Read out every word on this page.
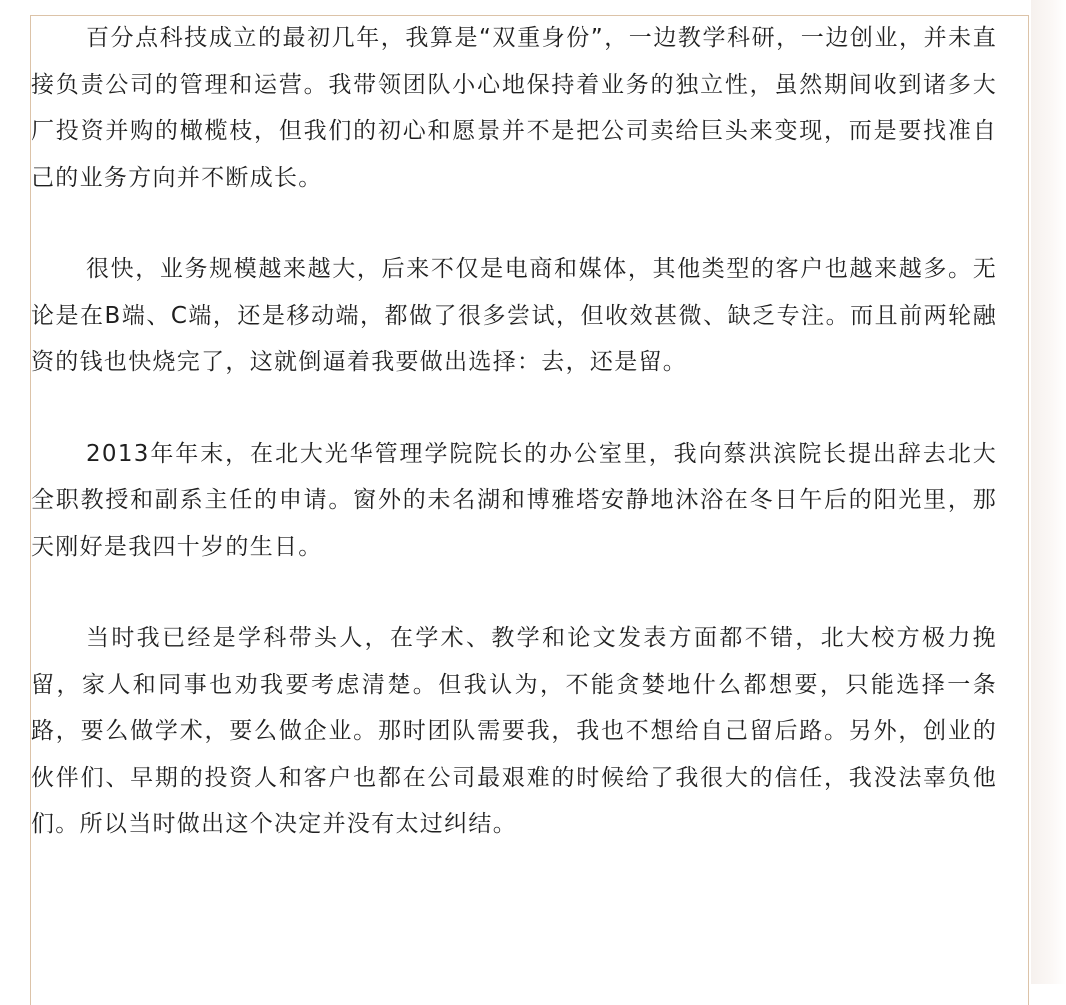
百分点科技成立的最初几年，我算是“双重身份”，一边教学科研，一边创业，并未直接负责公司的管理和运营。我带领团队小心地保持着业务的独立性，虽然期间收到诸多大厂投资并购的橄榄枝，但我们的初心和愿景并不是把公司卖给巨头来变现，而是要找准自己的业务方向并不断成长。

很快，业务规模越来越大，后来不仅是电商和媒体，其他类型的客户也越来越多。无论是在B端、C端，还是移动端，都做了很多尝试，但收效甚微、缺乏专注。而且前两轮融资的钱也快烧完了，这就倒逼着我要做出选择：去，还是留。

2013年年末，在北大光华管理学院院长的办公室里，我向蔡洪滨院长提出辞去北大全职教授和副系主任的申请。窗外的未名湖和博雅塔安静地沐浴在冬日午后的阳光里，那天刚好是我四十岁的生日。

当时我已经是学科带头人，在学术、教学和论文发表方面都不错，北大校方极力挽留，家人和同事也劝我要考虑清楚。但我认为，不能贪婪地什么都想要，只能选择一条路，要么做学术，要么做企业。那时团队需要我，我也不想给自己留后路。另外，创业的伙伴们、早期的投资人和客户也都在公司最艰难的时候给了我很大的信任，我没法辜负他们。所以当时做出这个决定并没有太过纠结。
